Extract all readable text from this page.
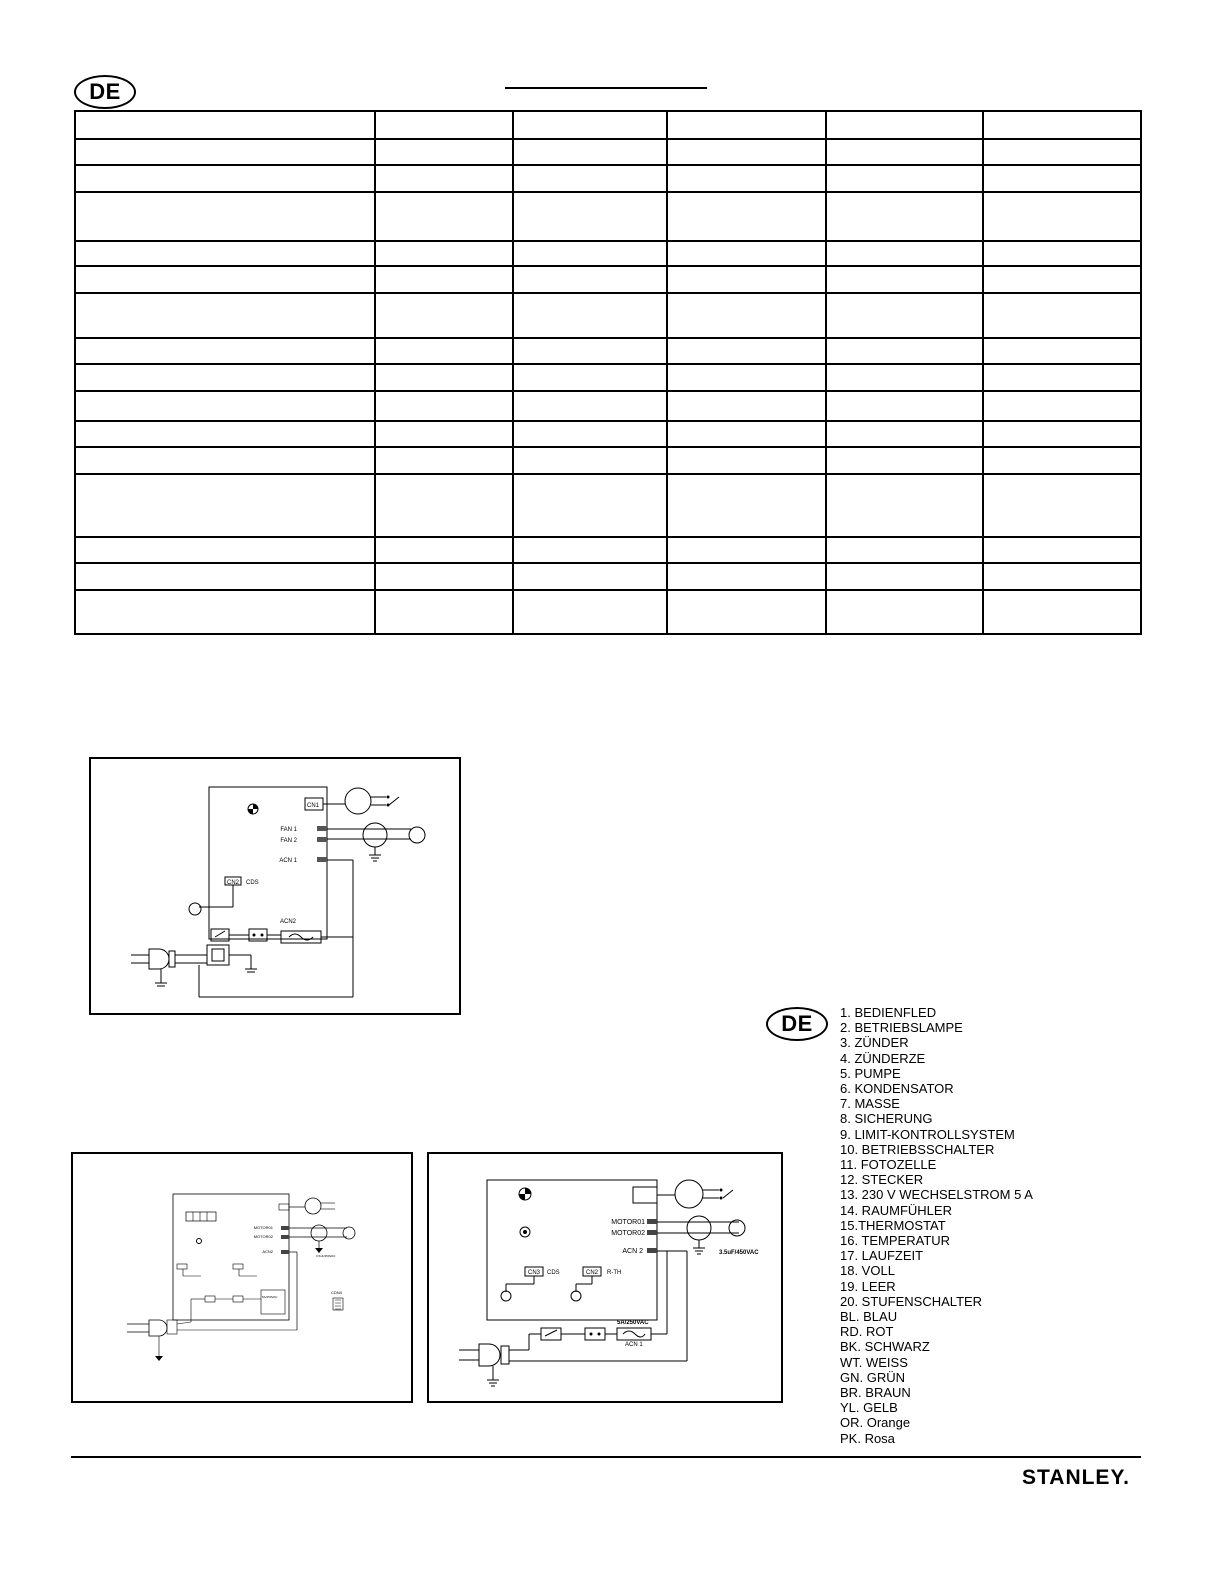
DE

CN1
FAN 1
FAN 2
ACN 1
CN2 CDS
ACN2
MOTOR01
MOTOR02
ACN2
3.5uF/450VAC
5A/250VAC
CDN4
MOTOR01
MOTOR02
ACN 2	3.5uF/450VAC
CN3 CDS	CN2 R-TH
5A/250VAC
ACN 1
DE	1. BEDIENFLED
2. BETRIEBSLAMPE
3. ZÜNDER
4. ZÜNDERZE
5. PUMPE
6. KONDENSATOR
7. MASSE
8. SICHERUNG
9. LIMIT-KONTROLLSYSTEM
10. BETRIEBSSCHALTER
11. FOTOZELLE
12. STECKER
13. 230 V WECHSELSTROM 5 A
14. RAUMFÜHLER
15.THERMOSTAT
16. TEMPERATUR
17. LAUFZEIT
18. VOLL
19. LEER
20. STUFENSCHALTER
BL. BLAU
RD. ROT
BK. SCHWARZ
WT. WEISS
GN. GRÜN
BR. BRAUN
YL. GELB
OR. Orange
PK. Rosa
STANLEY.
